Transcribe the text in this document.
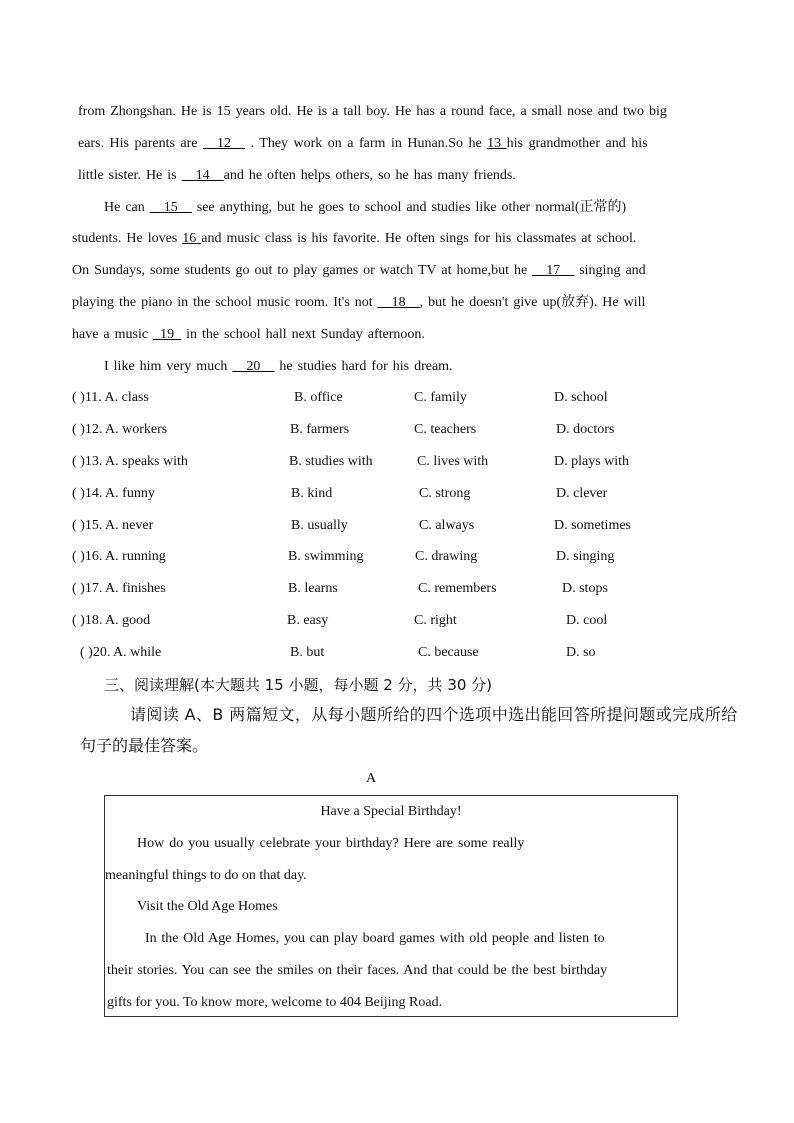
from Zhongshan. He is 15 years old. He is a tall boy. He has a round face, a small nose and two big
ears. His parents are __12__ . They work on a farm in Hunan.So he 13 his grandmother and his
little sister. He is __14__and he often helps others, so he has many friends.
He can __15__ see anything, but he goes to school and studies like other normal(正常的)
students. He loves 16 and music class is his favorite. He often sings for his classmates at school.
On Sundays, some students go out to play games or watch TV at home,but he __17__ singing and
playing the piano in the school music room. It's not __18__, but he doesn't give up(放弃). He will
have a music _19_ in the school hall next Sunday afternoon.
I like him very much __20__ he studies hard for his dream.
( )11. A. class	B. office	C. family	D. school
( )12. A. workers	B. farmers	C. teachers	D. doctors
( )13. A. speaks with	B. studies with	C. lives with	D. plays with
( )14. A. funny	B. kind	C. strong	D. clever
( )15. A. never	B. usually	C. always	D. sometimes
( )16. A. running	B. swimming	C. drawing	D. singing
( )17. A. finishes	B. learns	C. remembers	D. stops
( )18. A. good	B. easy	C. right	D. cool
( )20. A. while	B. but	C. because	D. so
三、阅读理解(本大题共 15 小题，每小题 2 分，共 30 分)
请阅读 A、B 两篇短文，从每小题所给的四个选项中选出能回答所提问题或完成所给
句子的最佳答案。
A
Have a Special Birthday!
How do you usually celebrate your birthday? Here are some really
meaningful things to do on that day.
Visit the Old Age Homes
In the Old Age Homes, you can play board games with old people and listen to
their stories. You can see the smiles on their faces. And that could be the best birthday
gifts for you. To know more, welcome to 404 Beijing Road.
